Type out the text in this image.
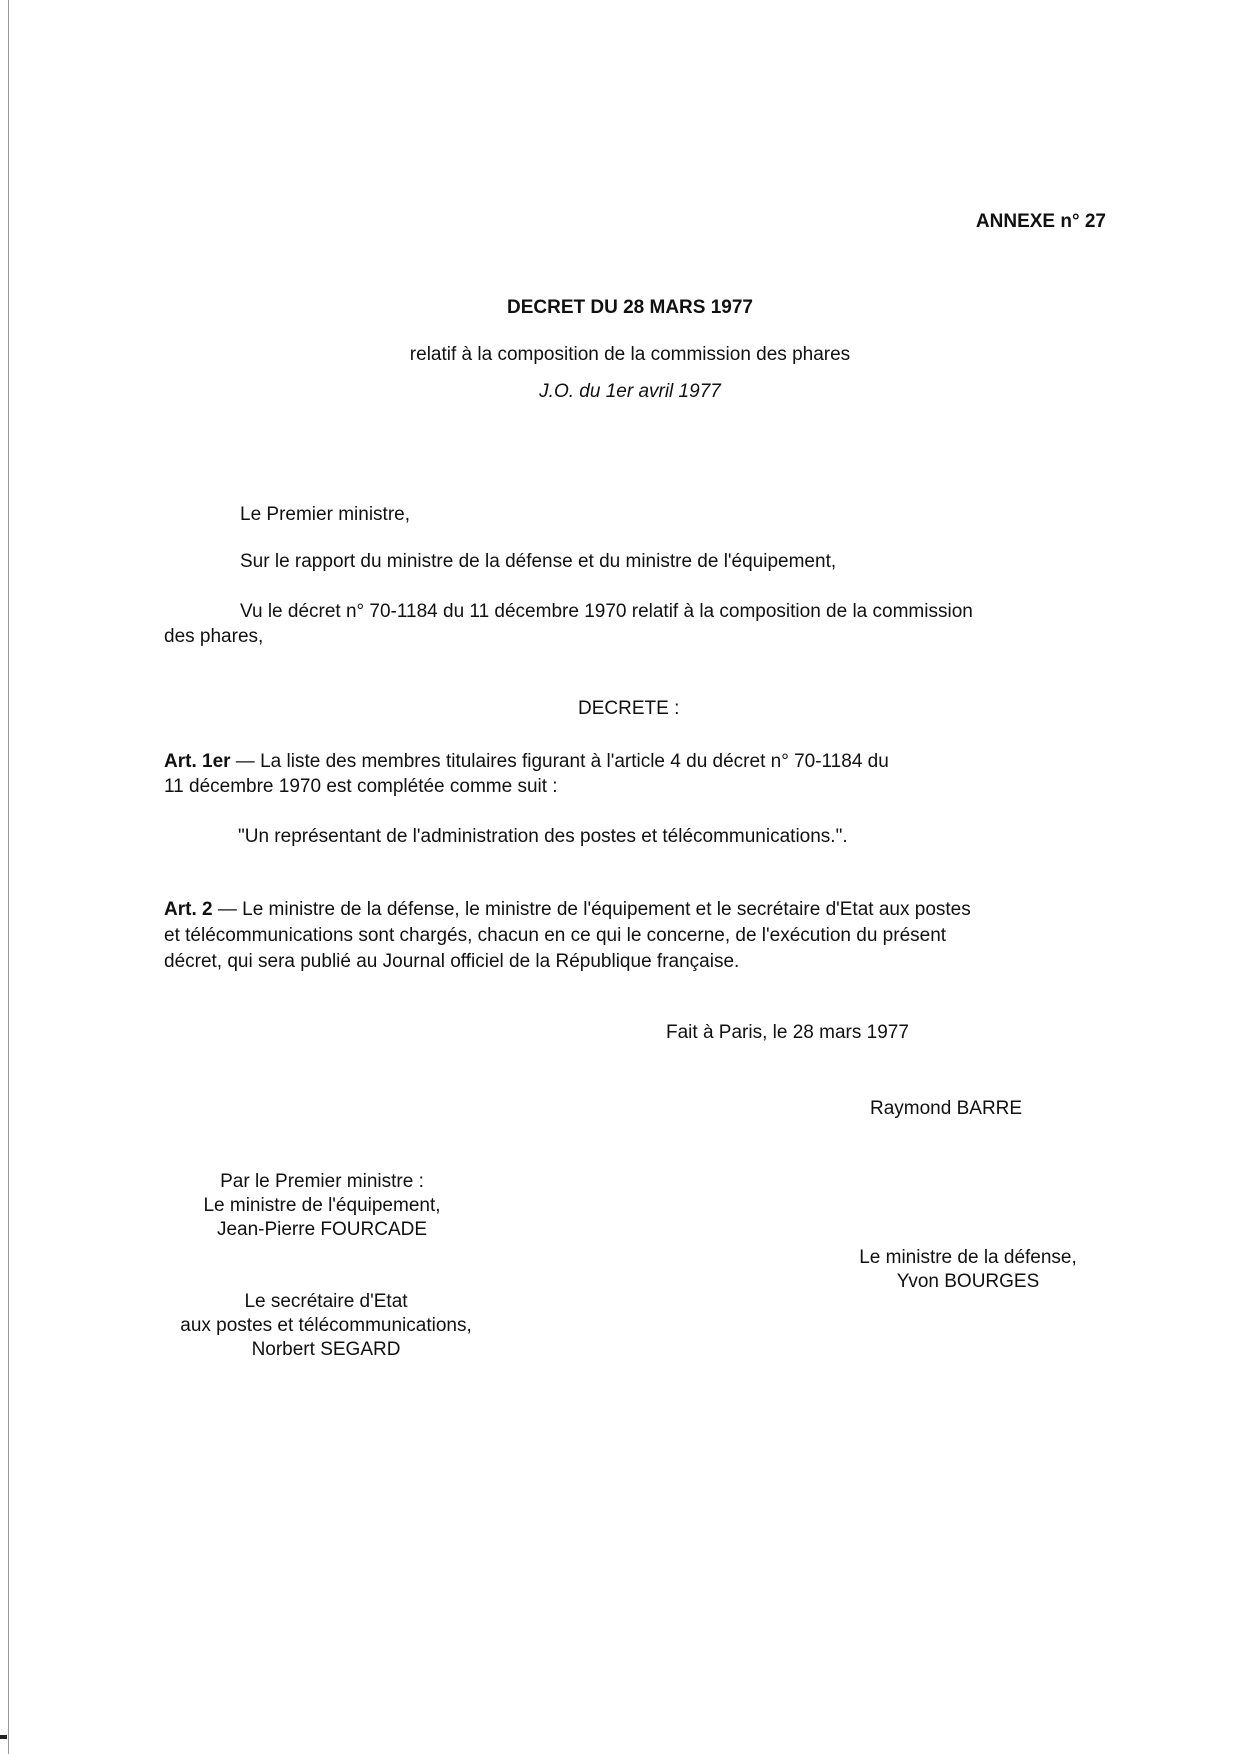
ANNEXE n° 27
DECRET DU 28 MARS 1977
relatif à la composition de la commission des phares
J.O. du 1er avril 1977
Le Premier ministre,
Sur le rapport du ministre de la défense et du ministre de l'équipement,
Vu le décret n° 70-1184 du 11 décembre 1970 relatif à la composition de la commission
des phares,
DECRETE :
Art. 1er — La liste des membres titulaires figurant à l'article 4 du décret n° 70-1184 du
11 décembre 1970 est complétée comme suit :
"Un représentant de l'administration des postes et télécommunications.".
Art. 2 — Le ministre de la défense, le ministre de l'équipement et le secrétaire d'Etat aux postes
et télécommunications sont chargés, chacun en ce qui le concerne, de l'exécution du présent
décret, qui sera publié au Journal officiel de la République française.
Fait à Paris, le 28 mars 1977
Raymond BARRE
Par le Premier ministre :
Le ministre de l'équipement,
Jean-Pierre FOURCADE
Le ministre de la défense,
Yvon BOURGES
Le secrétaire d'Etat
aux postes et télécommunications,
Norbert SEGARD
